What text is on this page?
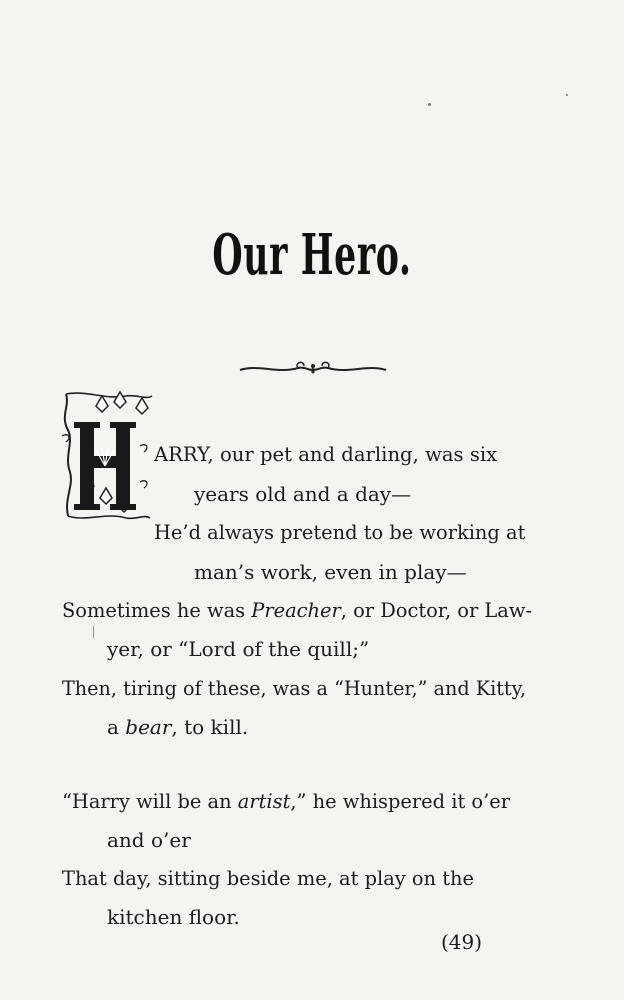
Our Hero.
ARRY, our pet and darling, was six
years old and a day—
He’d always pretend to be working at
man’s work, even in play—
Sometimes he was Preacher, or Doctor, or Law-
yer, or “Lord of the quill;”
Then, tiring of these, was a “Hunter,” and Kitty,
a bear, to kill.
“Harry will be an artist,” he whispered it o’er
and o’er
That day, sitting beside me, at play on the
kitchen floor.
(49)
